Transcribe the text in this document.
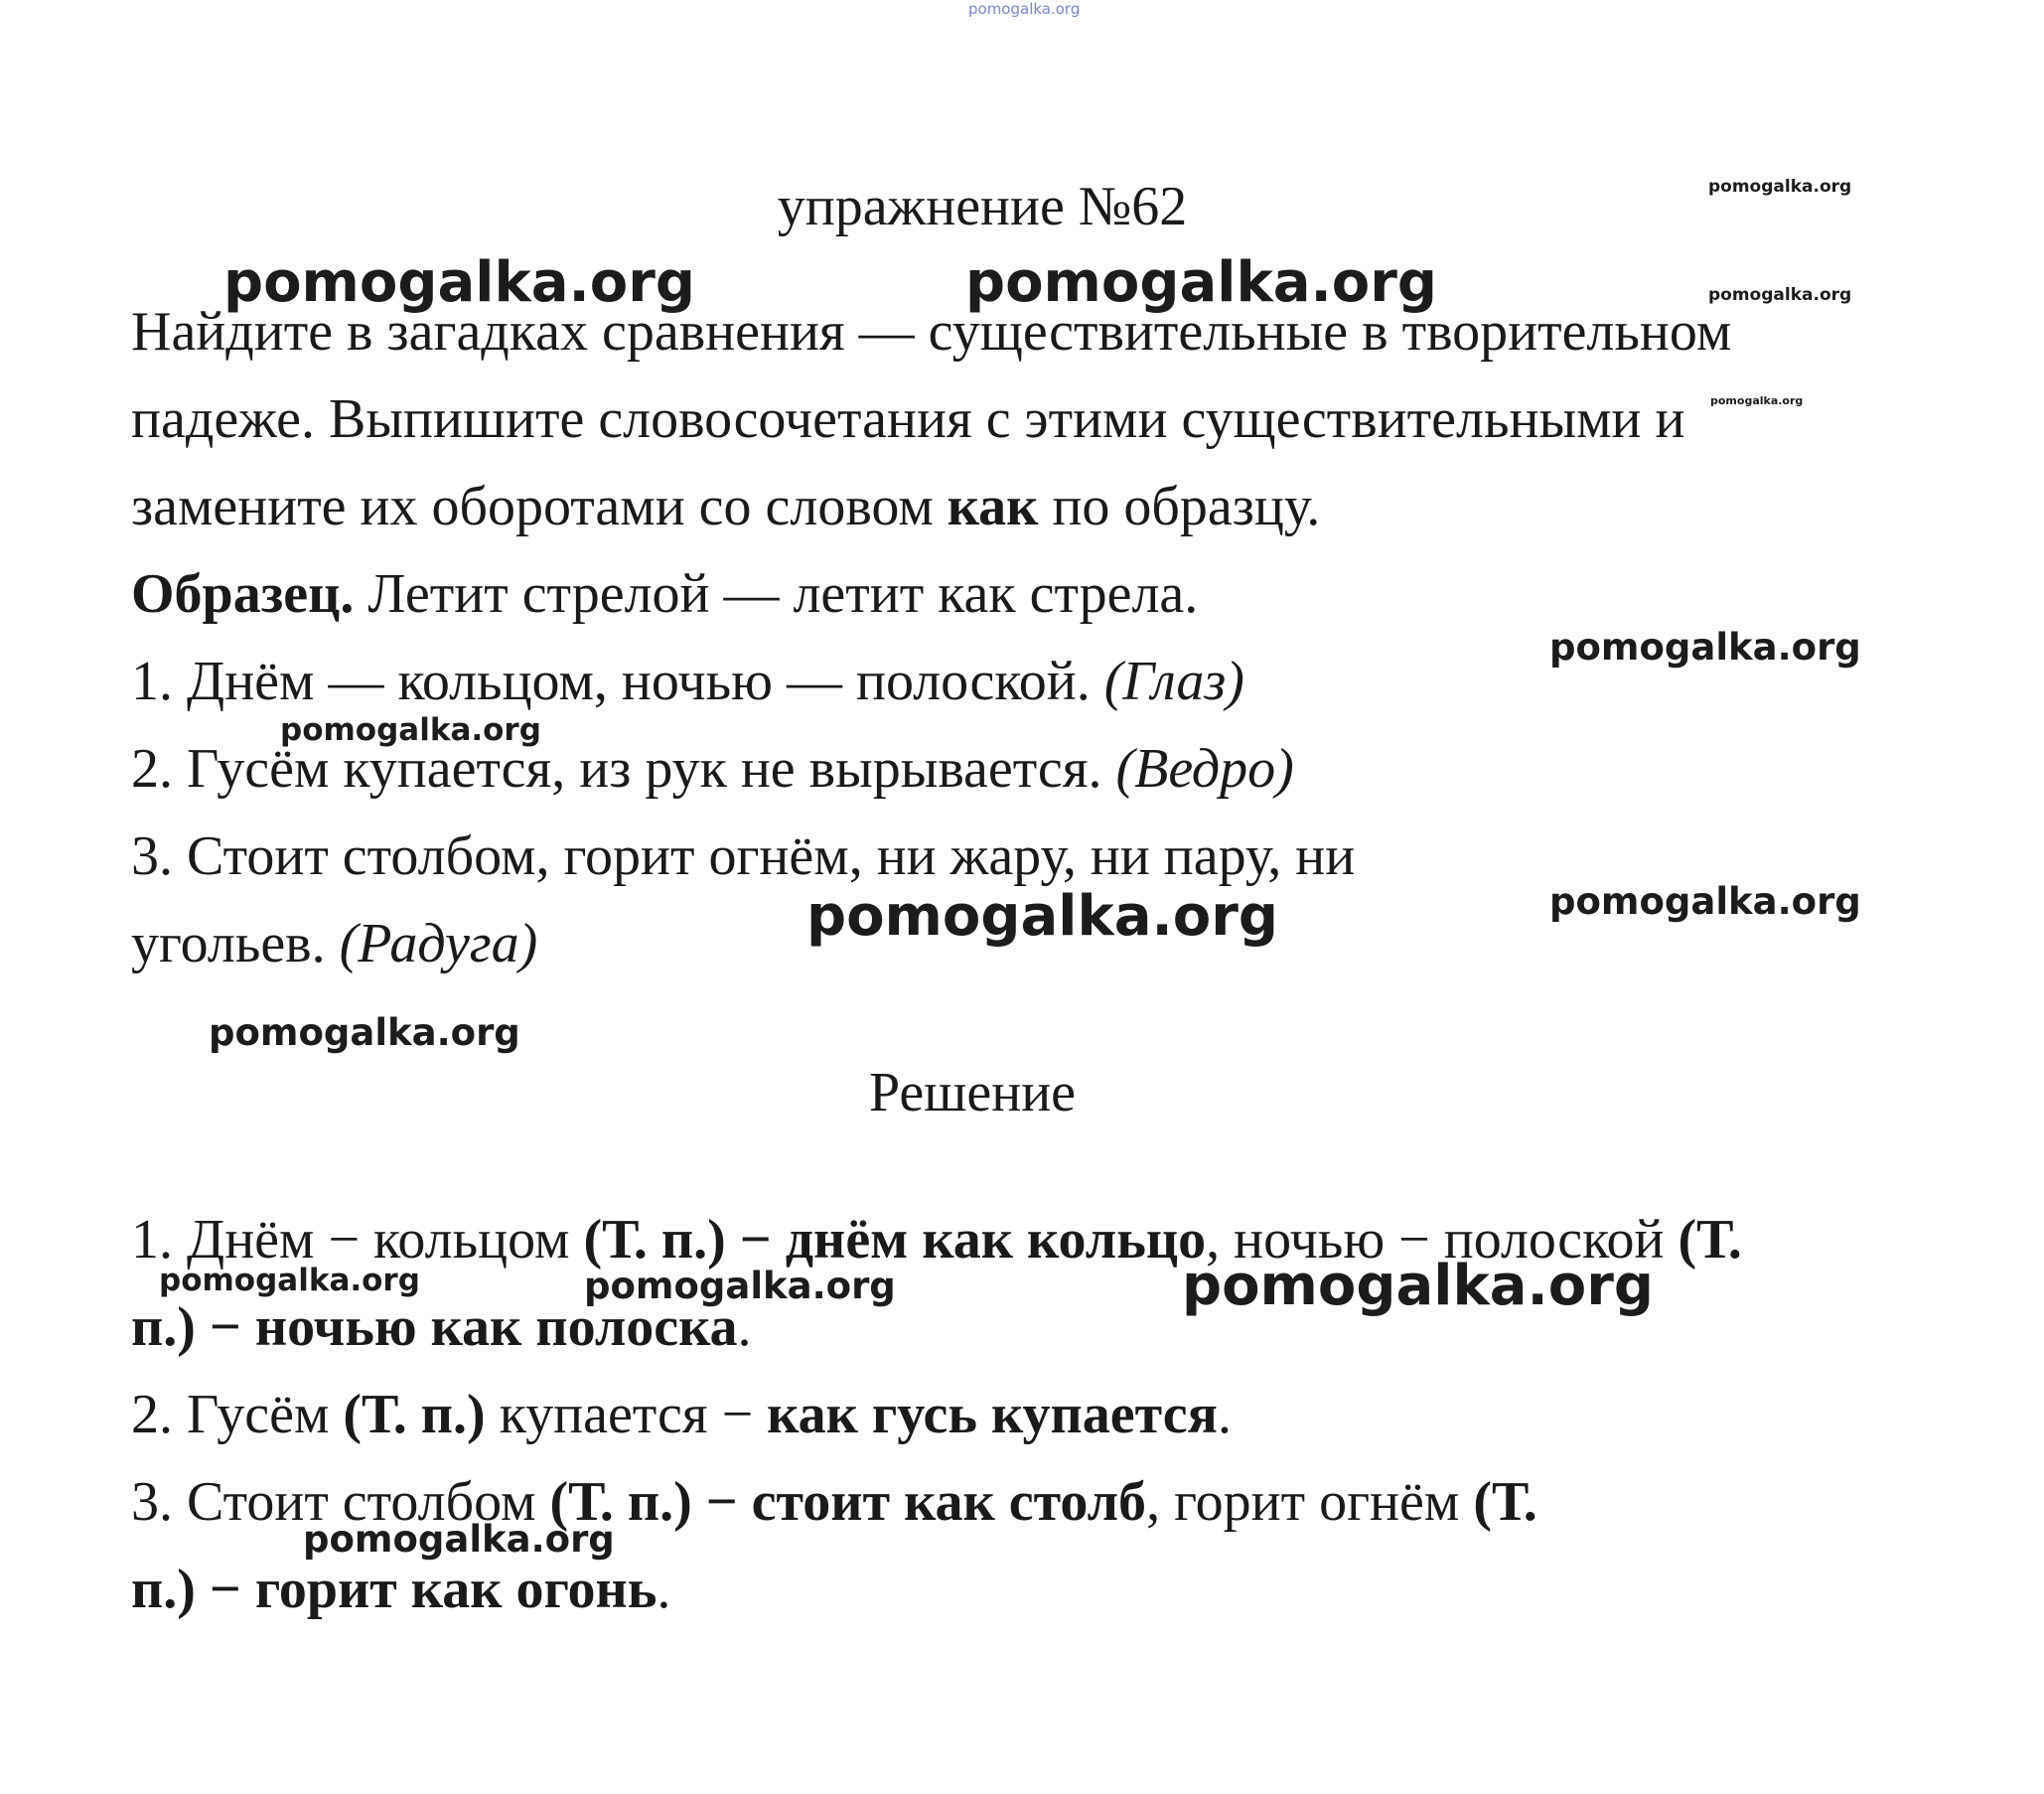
pomogalka.org
pomogalka.org
pomogalka.org	pomogalka.org	pomogalka.org
pomogalka.org
pomogalka.org
pomogalka.org
pomogalka.org	pomogalka.org
pomogalka.org
pomogalka.org	pomogalka.org	pomogalka.org
pomogalka.org
упражнение №62
Найдите в загадках сравнения — существительные в творительном
падеже. Выпишите словосочетания с этими существительными и
замените их оборотами со словом как по образцу.
Образец. Летит стрелой — летит как стрела.
1. Днём — кольцом, ночью — полоской. (Глаз)
2. Гусём купается, из рук не вырывается. (Ведро)
3. Стоит столбом, горит огнём, ни жару, ни пару, ни
угольев. (Радуга)
Решение
1. Днём − кольцом (Т. п.) − днём как кольцо, ночью − полоской (Т.
п.) − ночью как полоска.
2. Гусём (Т. п.) купается − как гусь купается.
3. Стоит столбом (Т. п.) − стоит как столб, горит огнём (Т.
п.) − горит как огонь.
